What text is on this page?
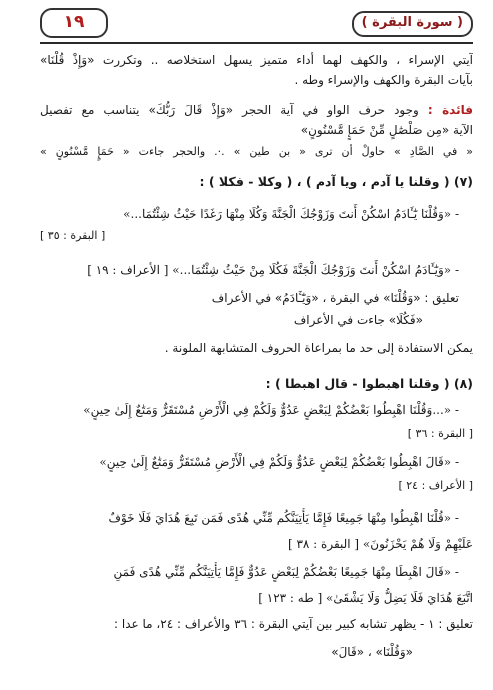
( سورة البقرة )
١٩
آيتي الإسراء ، والكهف لهما أداء متميز يسهل استخلاصه .. وتكررت «وَإِذْ قُلْنَا»
بآيات البقرة والكهف والإسراء وطه .
فائدة : وجود حرف الواو في آية الحجر «وَإِذْ قَالَ رَبُّكَ» يتناسب مع تفصيل
الآية «مِن صَلْصَٰلٍ مِّنْ حَمَإٍ مَّسْنُونٍ»
« في الصَّادِ » حاولْ أن ترى « بن طين » .·. والحجر جاءت « حَمَإٍ مَّسْنُونٍ »
(٧) ( وقلنا يا آدم ، ويا آدم ) ، ( وكلا - فكلا ) :
- «وَقُلْنَا يَٰٓـَٔادَمُ اسْكُنْ أَنتَ وَزَوْجُكَ الْجَنَّةَ وَكُلَا مِنْهَا رَغَدًا حَيْثُ شِئْتُمَا...»
[ البقرة : ٣٥ ]
- «وَيَٰٓـَٔادَمُ اسْكُنْ أَنتَ وَزَوْجُكَ الْجَنَّةَ فَكُلَا مِنْ حَيْثُ شِئْتُمَا...» [ الأعراف : ١٩ ]
تعليق : «وَقُلْنَا» في البقرة ، «وَيَٰٓـَٔادَمُ» في الأعراف
«فَكُلَا» جاءت في الأعراف
يمكن الاستفادة إلى حد ما بمراعاة الحروف المتشابهة الملونة .
(٨) ( وقلنا اهبطوا - قال اهبطا ) :
- «...وَقُلْنَا اهْبِطُوا بَعْضُكُمْ لِبَعْضٍ عَدُوٌّ وَلَكُمْ فِي الْأَرْضِ مُسْتَقَرٌّ وَمَتَٰعٌ إِلَىٰ حِينٍ»
[ البقرة : ٣٦ ]
- «قَالَ اهْبِطُوا بَعْضُكُمْ لِبَعْضٍ عَدُوٌّ وَلَكُمْ فِي الْأَرْضِ مُسْتَقَرٌّ وَمَتَٰعٌ إِلَىٰ حِينٍ»
[ الأعراف : ٢٤ ]
- «قُلْنَا اهْبِطُوا مِنْهَا جَمِيعًا فَإِمَّا يَأْتِيَنَّكُم مِّنِّي هُدًى فَمَن تَبِعَ هُدَايَ فَلَا خَوْفٌ
عَلَيْهِمْ وَلَا هُمْ يَحْزَنُونَ» [ البقرة : ٣٨ ]
- «قَالَ اهْبِطَا مِنْهَا جَمِيعًا بَعْضُكُمْ لِبَعْضٍ عَدُوٌّ فَإِمَّا يَأْتِيَنَّكُم مِّنِّي هُدًى فَمَنِ
اتَّبَعَ هُدَايَ فَلَا يَضِلُّ وَلَا يَشْقَىٰ» [ طه : ١٢٣ ]
تعليق : ١ - يظهر تشابه كبير بين آيتي البقرة : ٣٦ والأعراف : ٢٤، ما عدا :
«وَقُلْنَا» ، «قَالَ»
